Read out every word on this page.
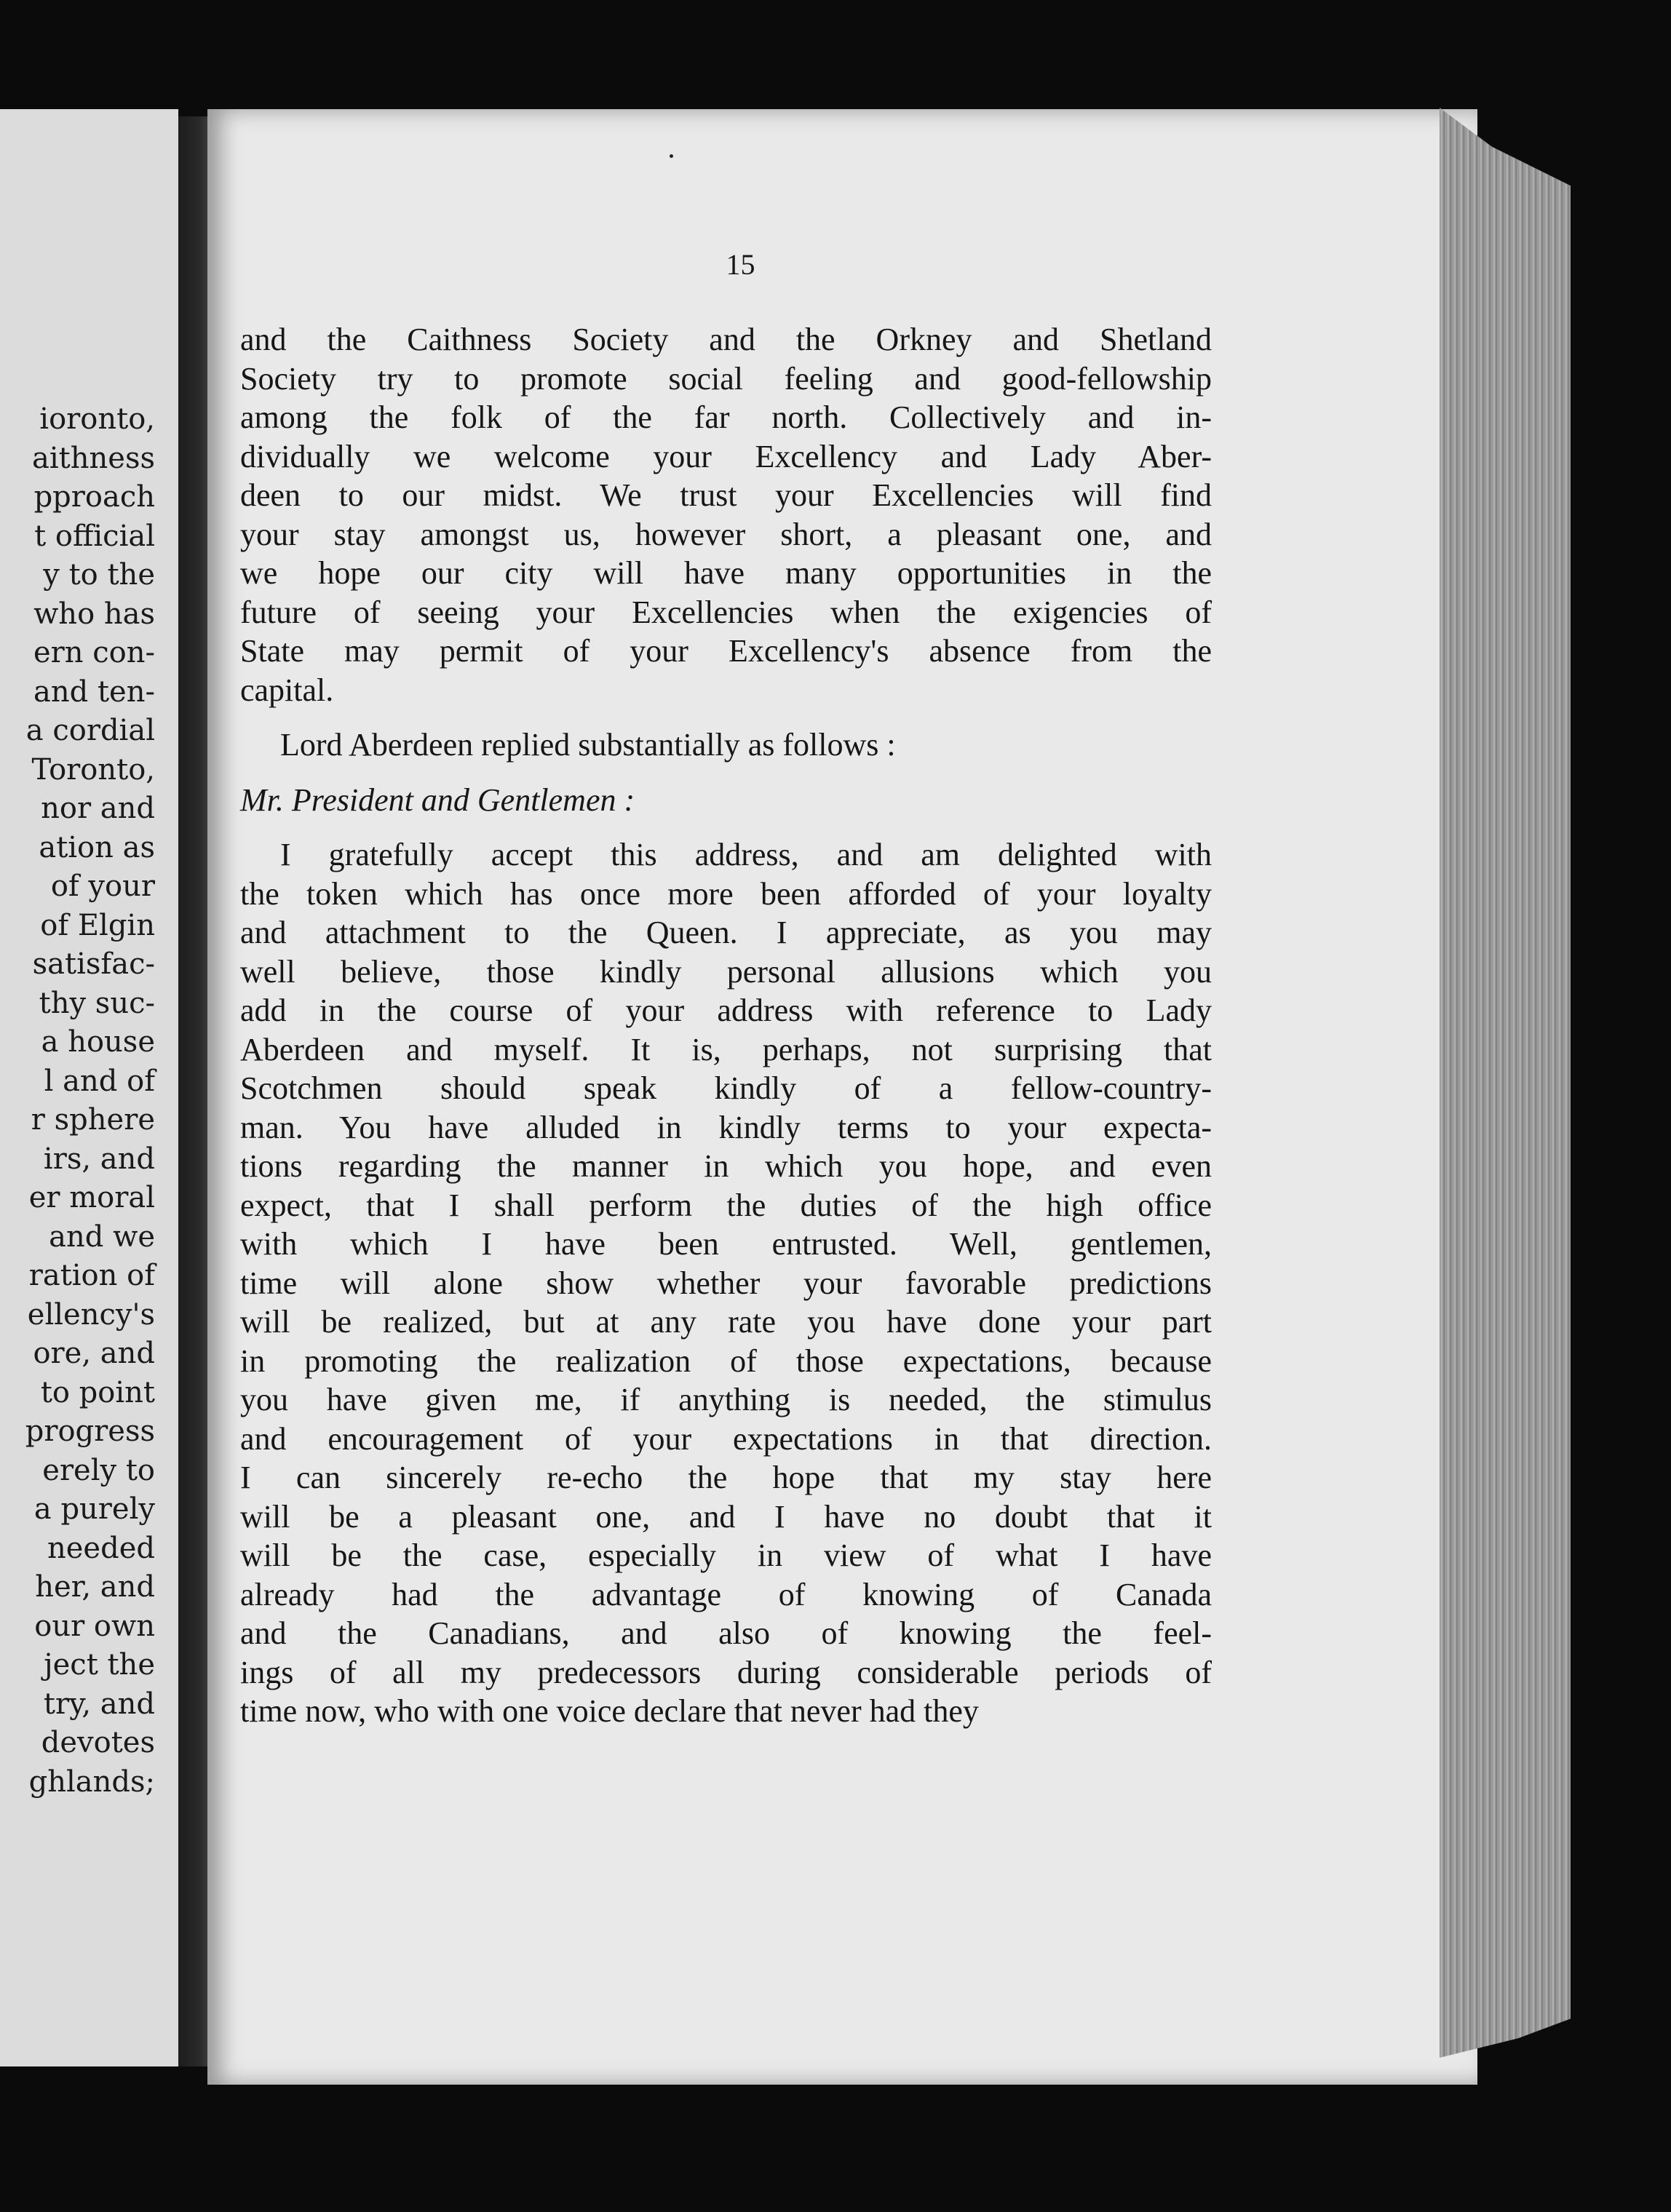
ioronto,
aithness
pproach
t official
y to the
who has
ern con-
and ten-
a cordial
Toronto,
nor and
ation as
of your
of Elgin
satisfac-
thy suc-
a house
l and of
r sphere
irs, and
er moral
and we
ration of
ellency's
ore, and
to point
progress
erely to
a purely
needed
her, and
our own
ject the
try, and
devotes
ghlands;
15
and the Caithness Society and the Orkney and Shetland
Society try to promote social feeling and good-fellowship
among the folk of the far north. Collectively and in-
dividually we welcome your Excellency and Lady Aber-
deen to our midst. We trust your Excellencies will find
your stay amongst us, however short, a pleasant one, and
we hope our city will have many opportunities in the
future of seeing your Excellencies when the exigencies of
State may permit of your Excellency's absence from the
capital.

Lord Aberdeen replied substantially as follows :

Mr. President and Gentlemen :

I gratefully accept this address, and am delighted with
the token which has once more been afforded of your loyalty
and attachment to the Queen. I appreciate, as you may
well believe, those kindly personal allusions which you
add in the course of your address with reference to Lady
Aberdeen and myself. It is, perhaps, not surprising that
Scotchmen should speak kindly of a fellow-country-
man. You have alluded in kindly terms to your expecta-
tions regarding the manner in which you hope, and even
expect, that I shall perform the duties of the high office
with which I have been entrusted. Well, gentlemen,
time will alone show whether your favorable predictions
will be realized, but at any rate you have done your part
in promoting the realization of those expectations, because
you have given me, if anything is needed, the stimulus
and encouragement of your expectations in that direction.
I can sincerely re-echo the hope that my stay here
will be a pleasant one, and I have no doubt that it
will be the case, especially in view of what I have
already had the advantage of knowing of Canada
and the Canadians, and also of knowing the feel-
ings of all my predecessors during considerable periods of
time now, who with one voice declare that never had they
